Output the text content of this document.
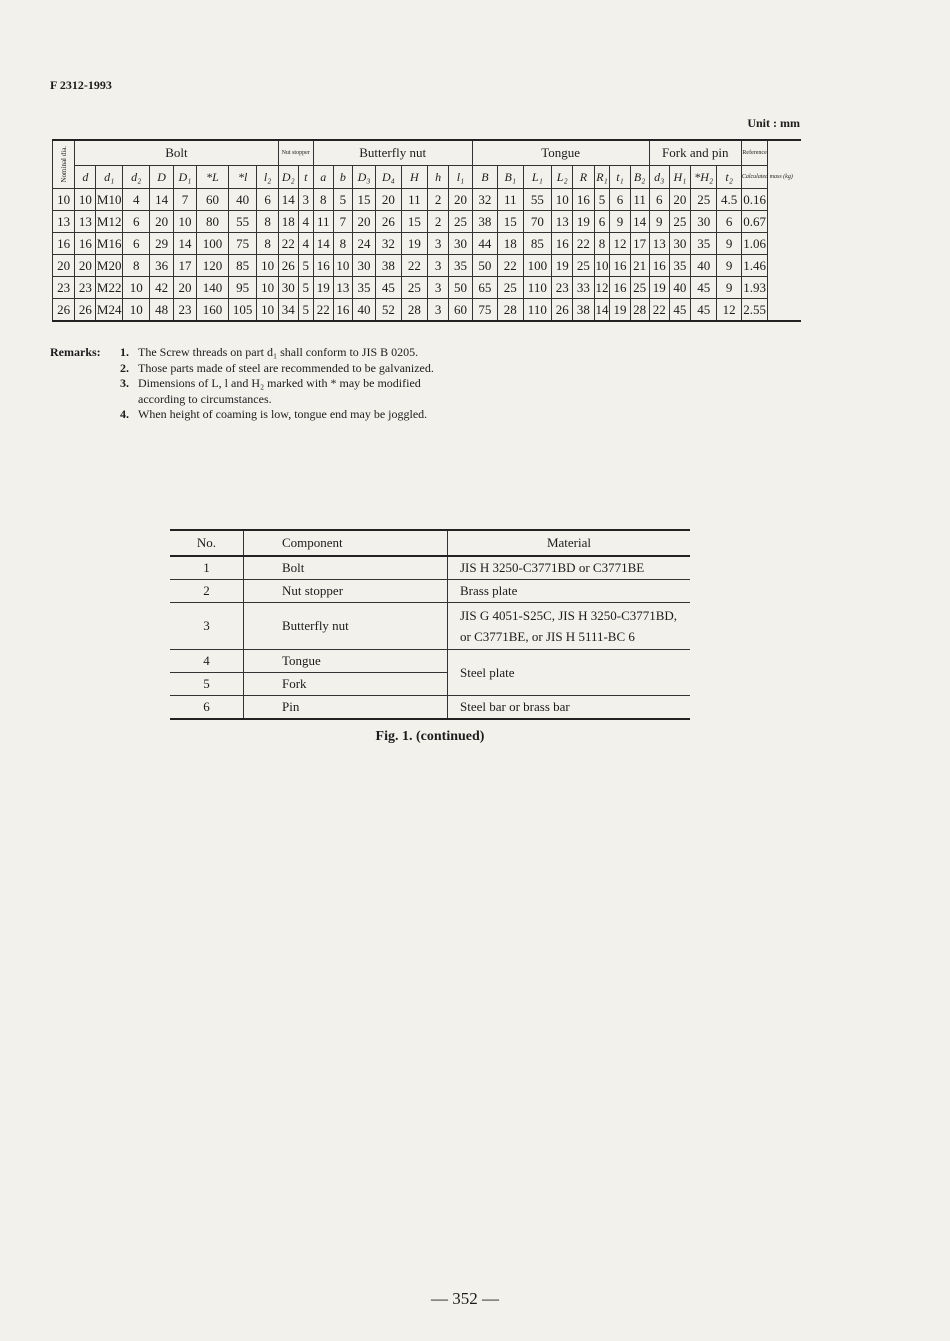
F 2312-1993
Unit : mm
Nominal dia.	Bolt								Nut stopper		Butterfly nut							Tongue								Fork and pin				Reference
	d	d₁	d₂	D	D₁	*L	*l	l₂	D₂	t	a	b	D₃	D₄	H	h	l₁	B	B₁	L₁	L₂	R	R₁	t₁	B₂	d₃	H₁	*H₂	t₂	Calculated mass (kg)
10	10	M10	4	14	7	60	40	6	14	3	8	5	15	20	11	2	20	32	11	55	10	16	5	6	11	6	20	25	4.5	0.16
13	13	M12	6	20	10	80	55	8	18	4	11	7	20	26	15	2	25	38	15	70	13	19	6	9	14	9	25	30	6	0.67
16	16	M16	6	29	14	100	75	8	22	4	14	8	24	32	19	3	30	44	18	85	16	22	8	12	17	13	30	35	9	1.06
20	20	M20	8	36	17	120	85	10	26	5	16	10	30	38	22	3	35	50	22	100	19	25	10	16	21	16	35	40	9	1.46
23	23	M22	10	42	20	140	95	10	30	5	19	13	35	45	25	3	50	65	25	110	23	33	12	16	25	19	40	45	9	1.93
26	26	M24	10	48	23	160	105	10	34	5	22	16	40	52	28	3	60	75	28	110	26	38	14	19	28	22	45	45	12	2.55
Remarks:	1. The Screw threads on part d₁ shall conform to JIS B 0205.
2. Those parts made of steel are recommended to be galvanized.
3. Dimensions of L, l and H₂ marked with * may be modified
according to circumstances.
4. When height of coaming is low, tongue end may be joggled.
No.	Component	Material
1	Bolt	JIS H 3250-C3771BD or C3771BE
2	Nut stopper	Brass plate
3	Butterfly nut	JIS G 4051-S25C, JIS H 3250-C3771BD,
or C3771BE, or JIS H 5111-BC 6

4	Tongue	Steel plate
5	Fork	
6	Pin	Steel bar or brass bar
Fig. 1. (continued)
— 352 —
